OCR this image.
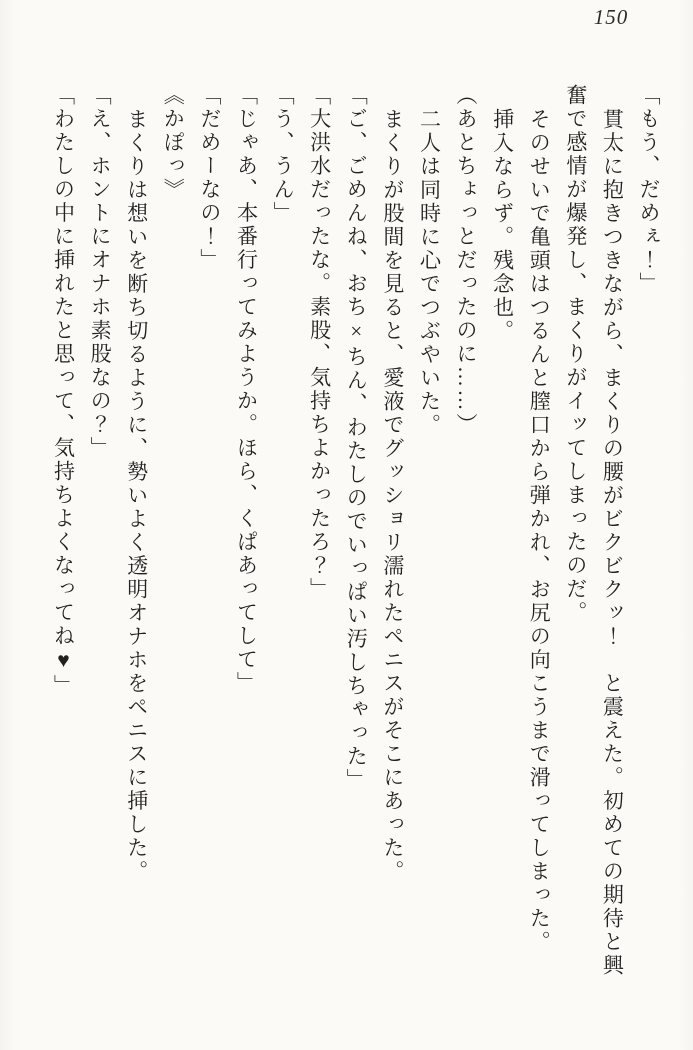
150

「もう、だめぇ！」

貫太に抱きつきながら、まくりの腰がビクビクッ！　と震えた。初めての期待と興

奮で感情が爆発し、まくりがイッてしまったのだ。

そのせいで亀頭はつるんと膣口から弾かれ、お尻の向こうまで滑ってしまった。

挿入ならず。残念也。

（あとちょっとだったのに……）

二人は同時に心でつぶやいた。

まくりが股間を見ると、愛液でグッショリ濡れたペニスがそこにあった。

「ご、ごめんね、おち×ちん、わたしのでいっぱい汚しちゃった」

「大洪水だったな。素股、気持ちよかったろ？」

「う、うん」

「じゃあ、本番行ってみようか。ほら、くぱあってして」

「だめーなの！」

《かぽっ》

まくりは想いを断ち切るように、勢いよく透明オナホをペニスに挿した。

「え、ホントにオナホ素股なの？」

「わたしの中に挿れたと思って、気持ちよくなってね♥」
